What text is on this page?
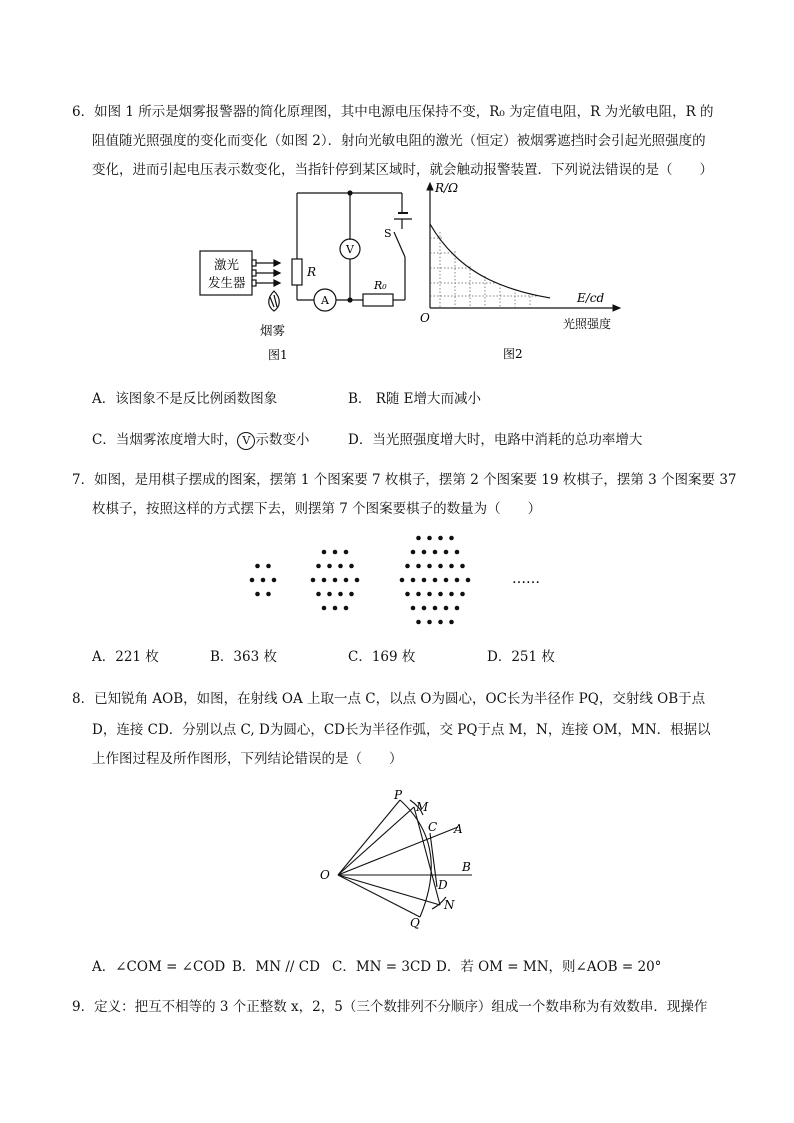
6．如图 1 所示是烟雾报警器的简化原理图，其中电源电压保持不变，R₀ 为定值电阻，R 为光敏电阻，R 的
阻值随光照强度的变化而变化（如图 2）．射向光敏电阻的激光（恒定）被烟雾遮挡时会引起光照强度的
变化，进而引起电压表示数变化，当指针停到某区域时，就会触动报警装置．下列说法错误的是（　　）
激光
发生器
R
A
V
S
R₀
烟雾
图1
R/Ω
E/cd
O	光照强度
图2
A．该图象不是反比例函数图象	B． R随 E增大而减小
C．当烟雾浓度增大时， V 示数变小	D．当光照强度增大时，电路中消耗的总功率增大
7．如图，是用棋子摆成的图案，摆第 1 个图案要 7 枚棋子，摆第 2 个图案要 19 枚棋子，摆第 3 个图案要 37
枚棋子，按照这样的方式摆下去，则摆第 7 个图案要棋子的数量为（　　）
……
A．221 枚	B．363 枚	C．169 枚	D．251 枚
8．已知锐角 AOB，如图，在射线 OA 上取一点 C，以点 O为圆心，OC长为半径作 PQ，交射线 OB于点
D，连接 CD．分别以点 C, D为圆心，CD长为半径作弧，交 PQ于点 M，N，连接 OM，MN．根据以
上作图过程及所作图形，下列结论错误的是（　　）
P
M
C A
O
B
D
N
Q
A．∠COM = ∠COD B．MN // CD C．MN = 3CD D．若 OM = MN，则∠AOB = 20°
9．定义：把互不相等的 3 个正整数 x，2，5（三个数排列不分顺序）组成一个数串称为有效数串．现操作
